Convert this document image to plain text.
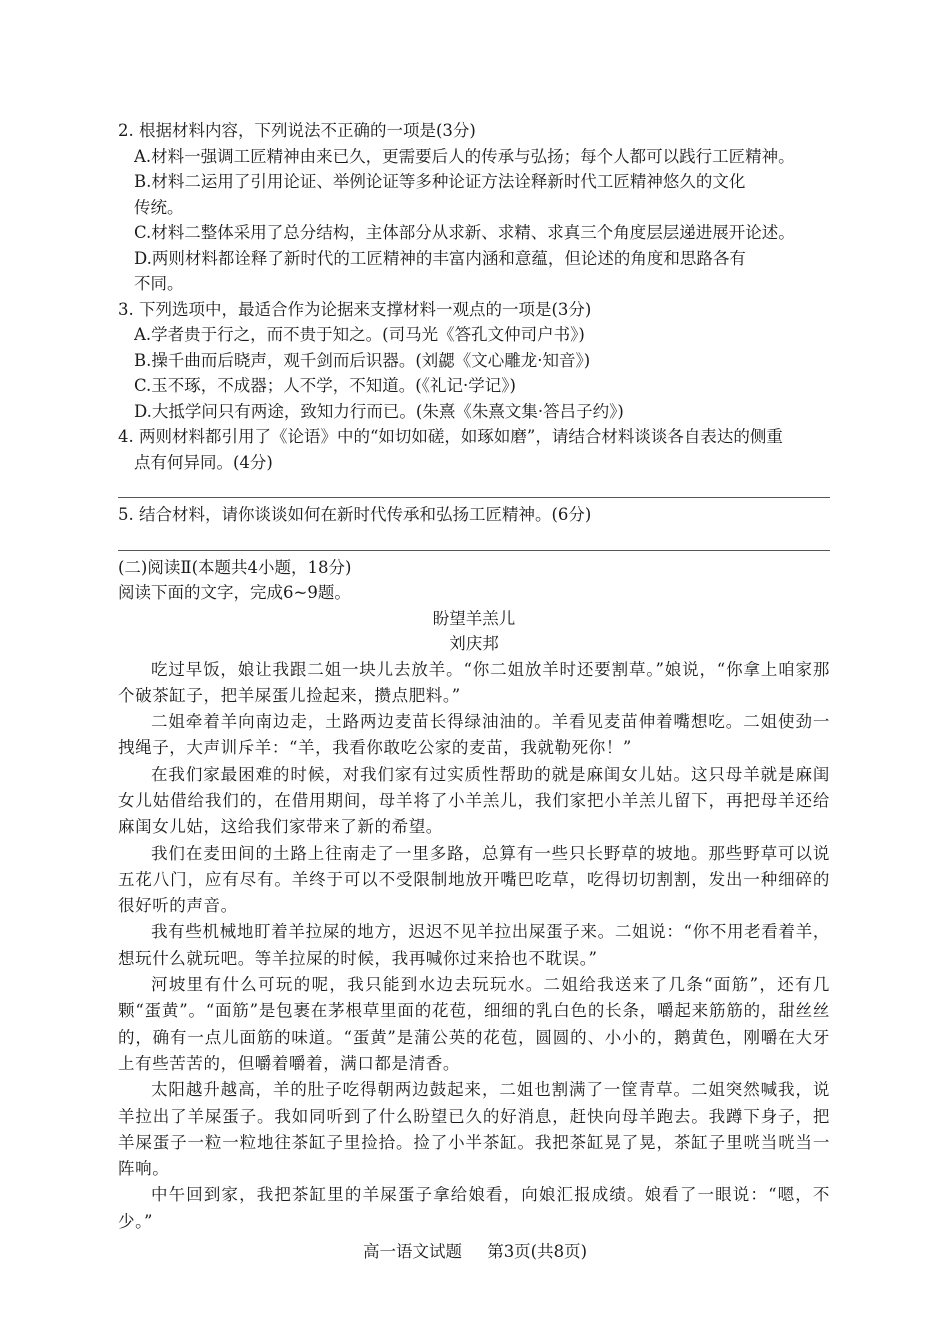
2. 根据材料内容，下列说法不正确的一项是(3分)
A.材料一强调工匠精神由来已久，更需要后人的传承与弘扬；每个人都可以践行工匠精神。
B.材料二运用了引用论证、举例论证等多种论证方法诠释新时代工匠精神悠久的文化
传统。
C.材料二整体采用了总分结构，主体部分从求新、求精、求真三个角度层层递进展开论述。
D.两则材料都诠释了新时代的工匠精神的丰富内涵和意蕴，但论述的角度和思路各有
不同。
3. 下列选项中，最适合作为论据来支撑材料一观点的一项是(3分)
A.学者贵于行之，而不贵于知之。(司马光《答孔文仲司户书》)
B.操千曲而后晓声，观千剑而后识器。(刘勰《文心雕龙·知音》)
C.玉不琢，不成器；人不学，不知道。(《礼记·学记》)
D.大抵学问只有两途，致知力行而已。(朱熹《朱熹文集·答吕子约》)
4. 两则材料都引用了《论语》中的“如切如磋，如琢如磨”，请结合材料谈谈各自表达的侧重
点有何异同。(4分)
5. 结合材料，请你谈谈如何在新时代传承和弘扬工匠精神。(6分)
(二)阅读Ⅱ(本题共4小题，18分)
阅读下面的文字，完成6~9题。
盼望羊羔儿
刘庆邦
吃过早饭，娘让我跟二姐一块儿去放羊。“你二姐放羊时还要割草。”娘说，“你拿上咱家那个破茶缸子，把羊屎蛋儿捡起来，攒点肥料。”
二姐牵着羊向南边走，土路两边麦苗长得绿油油的。羊看见麦苗伸着嘴想吃。二姐使劲一拽绳子，大声训斥羊：“羊，我看你敢吃公家的麦苗，我就勒死你！”
在我们家最困难的时候，对我们家有过实质性帮助的就是麻闺女儿姑。这只母羊就是麻闺女儿姑借给我们的，在借用期间，母羊将了小羊羔儿，我们家把小羊羔儿留下，再把母羊还给麻闺女儿姑，这给我们家带来了新的希望。
我们在麦田间的土路上往南走了一里多路，总算有一些只长野草的坡地。那些野草可以说五花八门，应有尽有。羊终于可以不受限制地放开嘴巴吃草，吃得切切割割，发出一种细碎的很好听的声音。
我有些机械地盯着羊拉屎的地方，迟迟不见羊拉出屎蛋子来。二姐说：“你不用老看着羊，想玩什么就玩吧。等羊拉屎的时候，我再喊你过来拾也不耽误。”
河坡里有什么可玩的呢，我只能到水边去玩玩水。二姐给我送来了几条“面筋”，还有几颗“蛋黄”。“面筋”是包裹在茅根草里面的花苞，细细的乳白色的长条，嚼起来筋筋的，甜丝丝的，确有一点儿面筋的味道。“蛋黄”是蒲公英的花苞，圆圆的、小小的，鹅黄色，刚嚼在大牙上有些苦苦的，但嚼着嚼着，满口都是清香。
太阳越升越高，羊的肚子吃得朝两边鼓起来，二姐也割满了一筐青草。二姐突然喊我，说羊拉出了羊屎蛋子。我如同听到了什么盼望已久的好消息，赶快向母羊跑去。我蹲下身子，把羊屎蛋子一粒一粒地往茶缸子里捡拾。捡了小半茶缸。我把茶缸晃了晃，茶缸子里咣当咣当一阵响。
中午回到家，我把茶缸里的羊屎蛋子拿给娘看，向娘汇报成绩。娘看了一眼说：“嗯，不少。”
高一语文试题 第3页(共8页)
